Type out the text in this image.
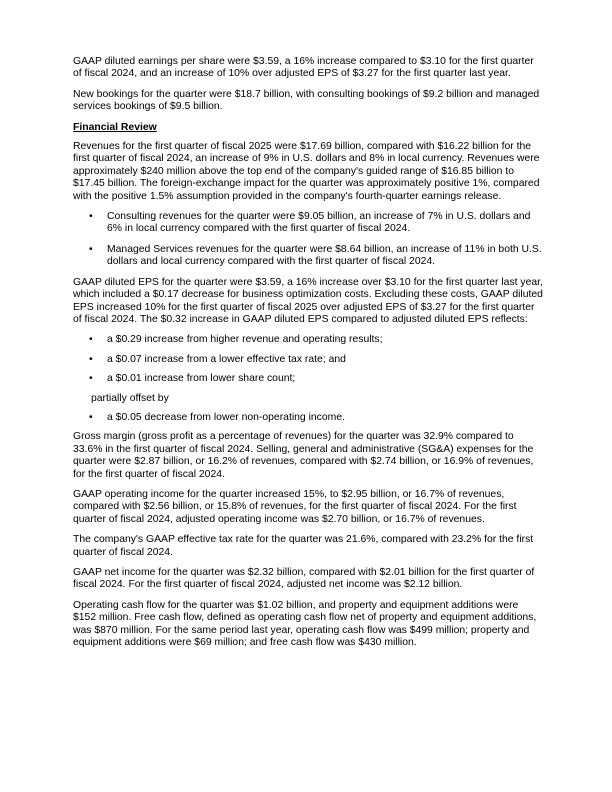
GAAP diluted earnings per share were $3.59, a 16% increase compared to $3.10 for the first quarter of fiscal 2024, and an increase of 10% over adjusted EPS of $3.27 for the first quarter last year.

New bookings for the quarter were $18.7 billion, with consulting bookings of $9.2 billion and managed services bookings of $9.5 billion.

Financial Review

Revenues for the first quarter of fiscal 2025 were $17.69 billion, compared with $16.22 billion for the first quarter of fiscal 2024, an increase of 9% in U.S. dollars and 8% in local currency. Revenues were approximately $240 million above the top end of the company's guided range of $16.85 billion to $17.45 billion. The foreign-exchange impact for the quarter was approximately positive 1%, compared with the positive 1.5% assumption provided in the company's fourth-quarter earnings release.

• Consulting revenues for the quarter were $9.05 billion, an increase of 7% in U.S. dollars and 6% in local currency compared with the first quarter of fiscal 2024.
• Managed Services revenues for the quarter were $8.64 billion, an increase of 11% in both U.S. dollars and local currency compared with the first quarter of fiscal 2024.

GAAP diluted EPS for the quarter were $3.59, a 16% increase over $3.10 for the first quarter last year, which included a $0.17 decrease for business optimization costs. Excluding these costs, GAAP diluted EPS increased 10% for the first quarter of fiscal 2025 over adjusted EPS of $3.27 for the first quarter of fiscal 2024. The $0.32 increase in GAAP diluted EPS compared to adjusted diluted EPS reflects:

• a $0.29 increase from higher revenue and operating results;
• a $0.07 increase from a lower effective tax rate; and
• a $0.01 increase from lower share count;

partially offset by

• a $0.05 decrease from lower non-operating income.

Gross margin (gross profit as a percentage of revenues) for the quarter was 32.9% compared to 33.6% in the first quarter of fiscal 2024. Selling, general and administrative (SG&A) expenses for the quarter were $2.87 billion, or 16.2% of revenues, compared with $2.74 billion, or 16.9% of revenues, for the first quarter of fiscal 2024.

GAAP operating income for the quarter increased 15%, to $2.95 billion, or 16.7% of revenues, compared with $2.56 billion, or 15.8% of revenues, for the first quarter of fiscal 2024. For the first quarter of fiscal 2024, adjusted operating income was $2.70 billion, or 16.7% of revenues.

The company's GAAP effective tax rate for the quarter was 21.6%, compared with 23.2% for the first quarter of fiscal 2024.

GAAP net income for the quarter was $2.32 billion, compared with $2.01 billion for the first quarter of fiscal 2024. For the first quarter of fiscal 2024, adjusted net income was $2.12 billion.

Operating cash flow for the quarter was $1.02 billion, and property and equipment additions were $152 million. Free cash flow, defined as operating cash flow net of property and equipment additions, was $870 million. For the same period last year, operating cash flow was $499 million; property and equipment additions were $69 million; and free cash flow was $430 million.
